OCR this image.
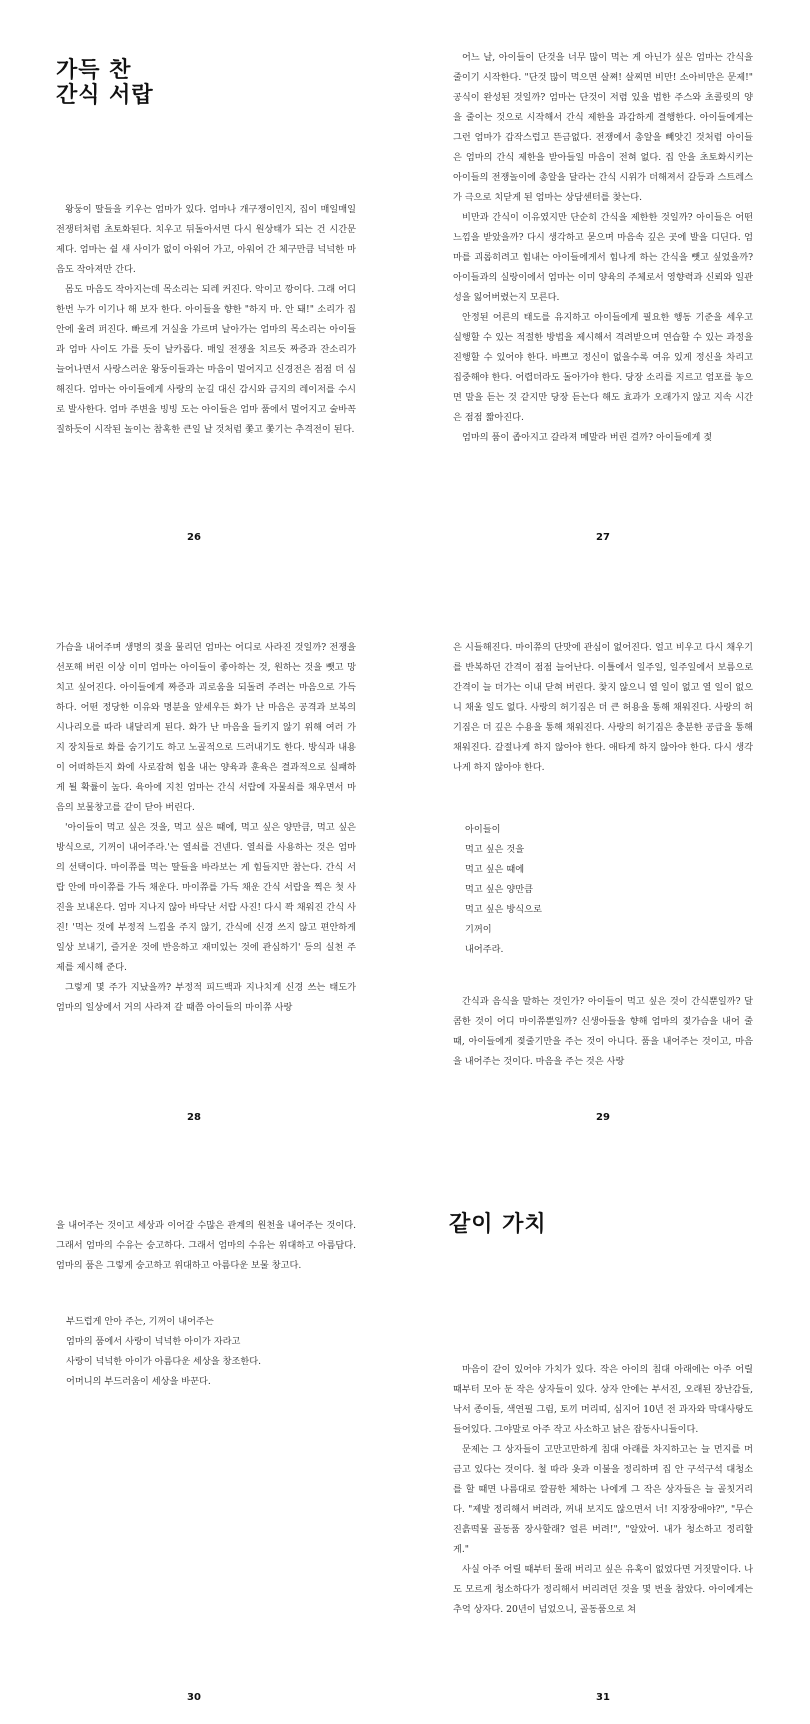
가득 찬
간식 서랍

왕둥이 딸들을 키우는 엄마가 있다. 엄마나 개구쟁이인지, 집이 매일매일 전쟁터처럼 초토화된다. 치우고 뒤돌아서면 다시 원상태가 되는 건 시간문제다. 엄마는 쉴 새 사이가 없이 아워어 가고, 아워어 간 체구만큼 넉넉한 마음도 작아져만 간다.

몸도 마음도 작아지는데 목소리는 되레 커진다. 악이고 깡이다. 그래 어디 한번 누가 이기나 해 보자 한다. 아이들을 향한 "하지 마. 안 돼!" 소리가 집 안에 울려 퍼진다. 빠르게 거실을 가르며 날아가는 엄마의 목소리는 아이들과 엄마 사이도 가를 듯이 날카롭다. 매일 전쟁을 치르듯 짜증과 잔소리가 늘어나면서 사랑스러운 왕둥이들과는 마음이 멀어지고 신경전은 점점 더 심해진다. 엄마는 아이들에게 사랑의 눈길 대신 감시와 금지의 레이저를 수시로 발사한다. 엄마 주변을 빙빙 도는 아이들은 엄마 품에서 멀어지고 술바꼭질하듯이 시작된 놀이는 참혹한 큰일 날 것처럼 쫓고 쫓기는 추격전이 된다.

26

어느 날, 아이들이 단것을 너무 많이 먹는 게 아닌가 싶은 엄마는 간식을 줄이기 시작한다. "단것 많이 먹으면 살쪄! 살찌면 비만! 소아비만은 문제!" 공식이 완성된 것일까? 엄마는 단것이 저렴 있을 법한 주스와 초콜릿의 양을 줄이는 것으로 시작해서 간식 제한을 과감하게 결행한다. 아이들에게는 그런 엄마가 갑작스럽고 뜬금없다. 전쟁에서 총알을 빼앗긴 것처럼 아이들은 엄마의 간식 제한을 받아들일 마음이 전혀 없다. 집 안을 초토화시키는 아이들의 전쟁놀이에 총알을 달라는 간식 시위가 더해져서 갈등과 스트레스가 극으로 치닫게 된 엄마는 상담센터를 찾는다.

비만과 간식이 이유였지만 단순히 간식을 제한한 것일까? 아이들은 어떤 느낌을 받았을까? 다시 생각하고 묻으며 마음속 깊은 곳에 발을 디딘다. 엄마를 괴롭히려고 힘내는 아이들에게서 힘나게 하는 간식을 뺏고 싶었을까? 아이들과의 실랑이에서 엄마는 이미 양육의 주체로서 영향력과 신뢰와 일관성을 잃어버렸는지 모른다.

안정된 어른의 태도를 유지하고 아이들에게 필요한 행동 기준을 세우고 실행할 수 있는 적절한 방법을 제시해서 격려받으며 연습할 수 있는 과정을 진행할 수 있어야 한다. 바쁘고 정신이 없을수록 여유 있게 정신을 차리고 집중해야 한다. 어렵더라도 돌아가야 한다. 당장 소리를 지르고 엄포를 놓으면 말을 듣는 것 같지만 당장 듣는다 해도 효과가 오래가지 않고 지속 시간은 점점 짧아진다.

엄마의 품이 좁아지고 갈라져 메말라 버린 걸까? 아이들에게 젖

27

가슴을 내어주며 생명의 젖을 물리던 엄마는 어디로 사라진 것일까? 전쟁을 선포해 버린 이상 이미 엄마는 아이들이 좋아하는 것, 원하는 것을 뺏고 망치고 싶어진다. 아이들에게 짜증과 괴로움을 되돌려 주려는 마음으로 가득하다. 어떤 정당한 이유와 명분을 앞세우든 화가 난 마음은 공격과 보복의 시나리오를 따라 내달리게 된다. 화가 난 마음을 들키지 않기 위해 여러 가지 장치들로 화를 숨기기도 하고 노골적으로 드러내기도 한다. 방식과 내용이 어떠하든지 화에 사로잡혀 힘을 내는 양육과 훈육은 결과적으로 실패하게 될 확률이 높다. 육아에 지친 엄마는 간식 서랍에 자물쇠를 채우면서 마음의 보물창고를 같이 닫아 버린다.

'아이들이 먹고 싶은 것을, 먹고 싶은 때에, 먹고 싶은 양만큼, 먹고 싶은 방식으로, 기꺼이 내어주라.'는 열쇠를 건넨다. 열쇠를 사용하는 것은 엄마의 선택이다. 마이쮸를 먹는 딸들을 바라보는 게 힘들지만 참는다. 간식 서랍 안에 마이쮸를 가득 채운다. 마이쮸를 가득 채운 간식 서랍을 찍은 첫 사진을 보내온다. 엄마 지나지 않아 바닥난 서랍 사진! 다시 꽉 채워진 간식 사진! '먹는 것에 부정적 느낌을 주지 않기, 간식에 신경 쓰지 않고 편안하게 일상 보내기, 즐거운 것에 반응하고 재미있는 것에 관심하기' 등의 실천 주제를 제시해 준다.

그렇게 몇 주가 지났을까? 부정적 피드백과 지나치게 신경 쓰는 태도가 엄마의 일상에서 거의 사라져 갈 때쯤 아이들의 마이쮸 사랑

28

은 시들해진다. 마이쮸의 단맛에 관심이 없어진다. 얼고 비우고 다시 채우기를 반복하던 간격이 점점 늘어난다. 이틀에서 일주일, 일주일에서 보름으로 간격이 늘 더가는 이내 닫혀 버린다. 찾지 않으니 열 일이 없고 열 일이 없으니 채울 일도 없다. 사랑의 허기짐은 더 큰 허용을 통해 채워진다. 사랑의 허기짐은 더 깊은 수용을 통해 채워진다. 사랑의 허기짐은 충분한 공급을 통해 채워진다. 갈절나게 하지 않아야 한다. 애타게 하지 않아야 한다. 다시 생각나게 하지 않아야 한다.

아이들이
먹고 싶은 것을
먹고 싶은 때에
먹고 싶은 양만큼
먹고 싶은 방식으로
기꺼이
내어주라.

간식과 음식을 말하는 것인가? 아이들이 먹고 싶은 것이 간식뿐일까? 달콤한 것이 어디 마이쮸뿐일까? 신생아들을 향해 엄마의 젖가슴을 내어 줄 때, 아이들에게 젖줄기만을 주는 것이 아니다. 품을 내어주는 것이고, 마음을 내어주는 것이다. 마음을 주는 것은 사랑

29

을 내어주는 것이고 세상과 이어갈 수많은 관계의 원천을 내어주는 것이다. 그래서 엄마의 수유는 숭고하다. 그래서 엄마의 수유는 위대하고 아름답다. 엄마의 품은 그렇게 숭고하고 위대하고 아름다운 보물 창고다.

부드럽게 안아 주는, 기꺼이 내어주는
엄마의 품에서 사랑이 넉넉한 아이가 자라고
사랑이 넉넉한 아이가 아름다운 세상을 창조한다.
어머니의 부드러움이 세상을 바꾼다.
30
같이 가치

마음이 같이 있어야 가치가 있다. 작은 아이의 침대 아래에는 아주 어릴 때부터 모아 둔 작은 상자들이 있다. 상자 안에는 부서진, 오래된 장난감들, 낙서 종이들, 색연필 그림, 토끼 머리띠, 심지어 10년 전 과자와 막대사탕도 들어있다. 그야말로 아주 작고 사소하고 낡은 잡동사니들이다.

문제는 그 상자들이 고만고만하게 침대 아래를 차지하고는 늘 먼지를 머금고 있다는 것이다. 철 따라 옷과 이불을 정리하며 집 안 구석구석 대청소를 할 때면 나름대로 깔끔한 체하는 나에게 그 작은 상자들은 늘 골칫거리다. "제발 정리해서 버려라, 꺼내 보지도 않으면서 너! 지장장애야?", "무슨 진흙떡물 골동품 장사할래? 얼른 버려!", "알았어. 내가 청소하고 정리할게."

사실 아주 어릴 때부터 몰래 버리고 싶은 유혹이 없었다면 거짓말이다. 나도 모르게 청소하다가 정리해서 버리려던 것을 몇 번을 참았다. 아이에게는 추억 상자다. 20년이 넘었으니, 골동품으로 쳐

31
